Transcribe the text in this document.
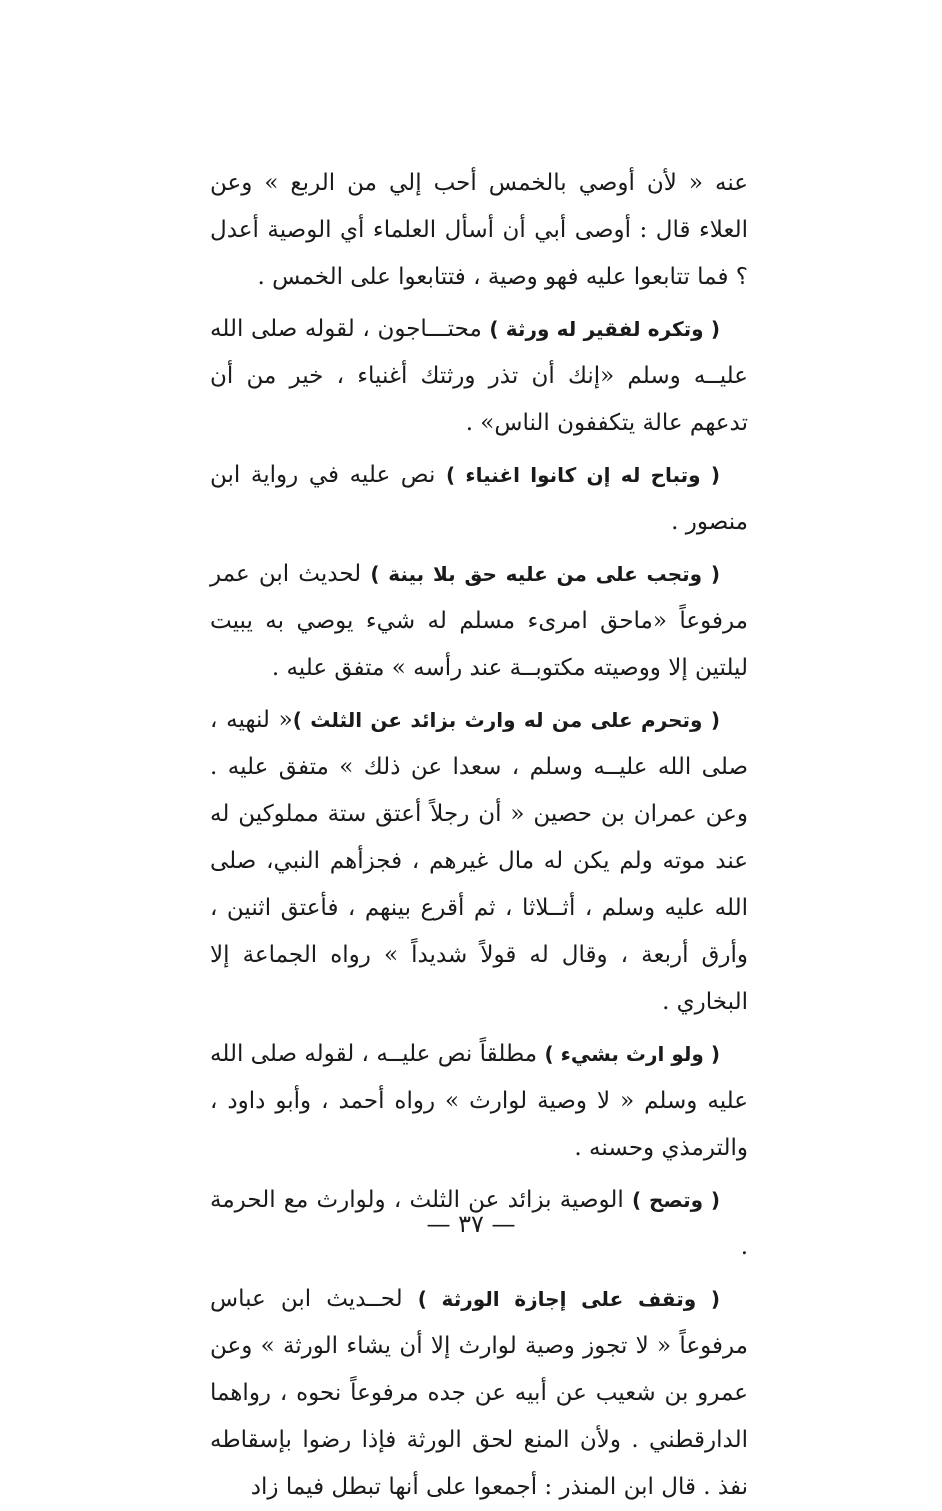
عنه « لأن أوصي بالخمس أحب إلي من الربع » وعن العلاء قال : أوصى أبي أن أسأل العلماء أي الوصية أعدل ؟ فما تتابعوا عليه فهو وصية ، فتتابعوا على الخمس .

( وتكره لفقير له ورثة ) محتـــاجون ، لقوله صلى الله عليــه وسلم «إنك أن تذر ورثتك أغنياء ، خير من أن تدعهم عالة يتكففون الناس» .

( وتباح له إن كانوا اغنياء ) نص عليه في رواية ابن منصور .

( وتجب على من عليه حق بلا بينة ) لحديث ابن عمر مرفوعاً «ماحق امرىء مسلم له شيء يوصي به يبيت ليلتين إلا ووصيته مكتوبــة عند رأسه » متفق عليه .

( وتحرم على من له وارث بزائد عن الثلث )« لنهيه ، صلى الله عليــه وسلم ، سعدا عن ذلك » متفق عليه . وعن عمران بن حصين « أن رجلاً أعتق ستة مملوكين له عند موته ولم يكن له مال غيرهم ، فجزأهم النبي، صلى الله عليه وسلم ، أثــلاثا ، ثم أقرع بينهم ، فأعتق اثنين ، وأرق أربعة ، وقال له قولاً شديداً » رواه الجماعة إلا البخاري .

( ولو ارث بشيء ) مطلقاً نص عليــه ، لقوله صلى الله عليه وسلم « لا وصية لوارث » رواه أحمد ، وأبو داود ، والترمذي وحسنه .

( وتصح ) الوصية بزائد عن الثلث ، ولوارث مع الحرمة .

( وتقف على إجازة الورثة ) لحــديث ابن عباس مرفوعاً « لا تجوز وصية لوارث إلا أن يشاء الورثة » وعن عمرو بن شعيب عن أبيه عن جده مرفوعاً نحوه ، رواهما الدارقطني . ولأن المنع لحق الورثة فإذا رضوا بإسقاطه نفذ . قال ابن المنذر : أجمعوا على أنها تبطل فيما زاد

— ٣٧ —
